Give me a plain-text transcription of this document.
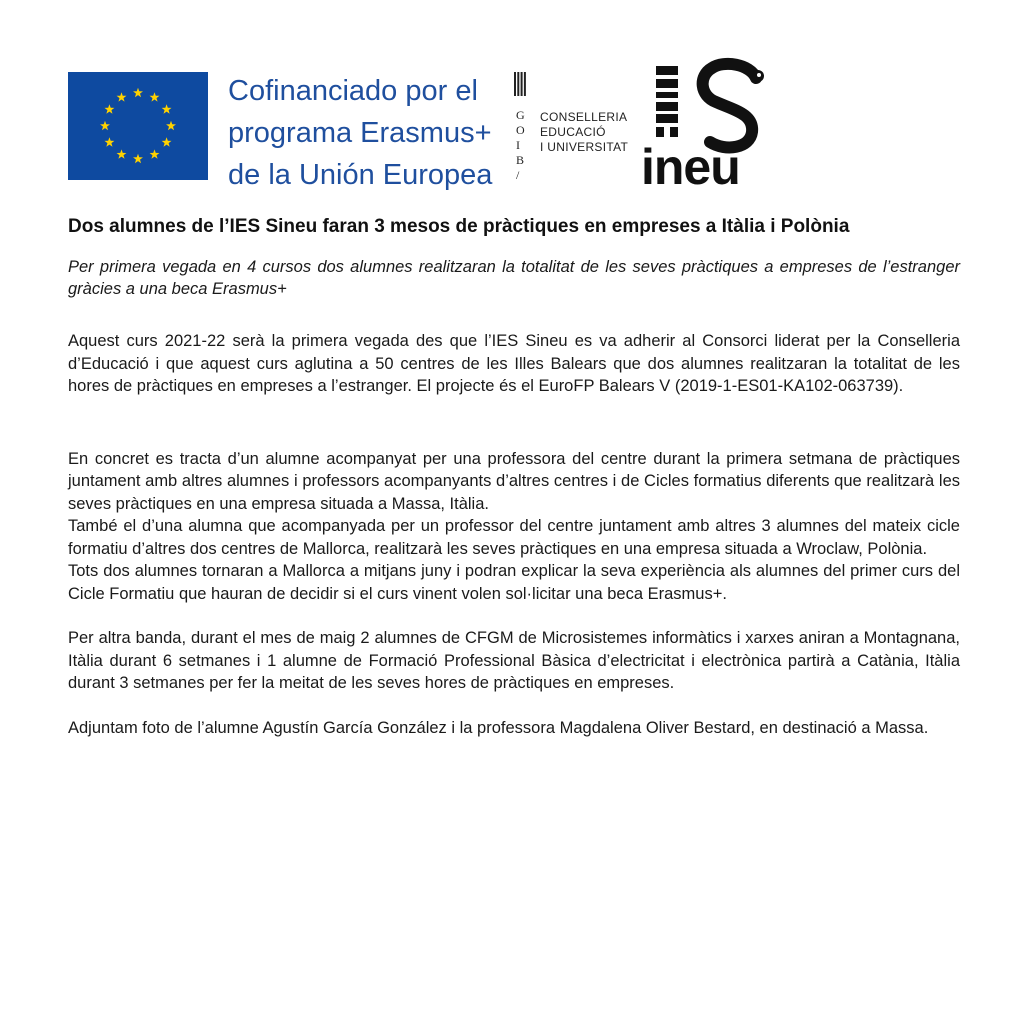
Cofinanciado por el
programa Erasmus+
de la Unión Europea
G
O
I
B
/
CONSELLERIA
EDUCACIÓ
I UNIVERSITAT ineu
Dos alumnes de l’IES Sineu faran 3 mesos de pràctiques en empreses a Itàlia i Polònia

Per primera vegada en 4 cursos dos alumnes realitzaran la totalitat de les seves pràctiques a empreses de l’estranger gràcies a una beca Erasmus+

Aquest curs 2021-22 serà la primera vegada des que l’IES Sineu es va adherir al Consorci liderat per la Conselleria d’Educació i que aquest curs aglutina a 50 centres de les Illes Balears que dos alumnes realitzaran la totalitat de les hores de pràctiques en empreses a l’estranger. El projecte és el EuroFP Balears V (2019-1-ES01-KA102-063739).

En concret es tracta d’un alumne acompanyat per una professora del centre durant la primera setmana de pràctiques juntament amb altres alumnes i professors acompanyants d’altres centres i de Cicles formatius diferents que realitzarà les seves pràctiques en una empresa situada a Massa, Itàlia.

També el d’una alumna que acompanyada per un professor del centre juntament amb altres 3 alumnes del mateix cicle formatiu d’altres dos centres de Mallorca, realitzarà les seves pràctiques en una empresa situada a Wroclaw, Polònia.

Tots dos alumnes tornaran a Mallorca a mitjans juny i podran explicar la seva experiència als alumnes del primer curs del Cicle Formatiu que hauran de decidir si el curs vinent volen sol·licitar una beca Erasmus+.

Per altra banda, durant el mes de maig 2 alumnes de CFGM de Microsistemes informàtics i xarxes aniran a Montagnana, Itàlia durant 6 setmanes i 1 alumne de Formació Professional Bàsica d’electricitat i electrònica partirà a Catània, Itàlia durant 3 setmanes per fer la meitat de les seves hores de pràctiques en empreses.

Adjuntam foto de l’alumne Agustín García González i la professora Magdalena Oliver Bestard, en destinació a Massa.
